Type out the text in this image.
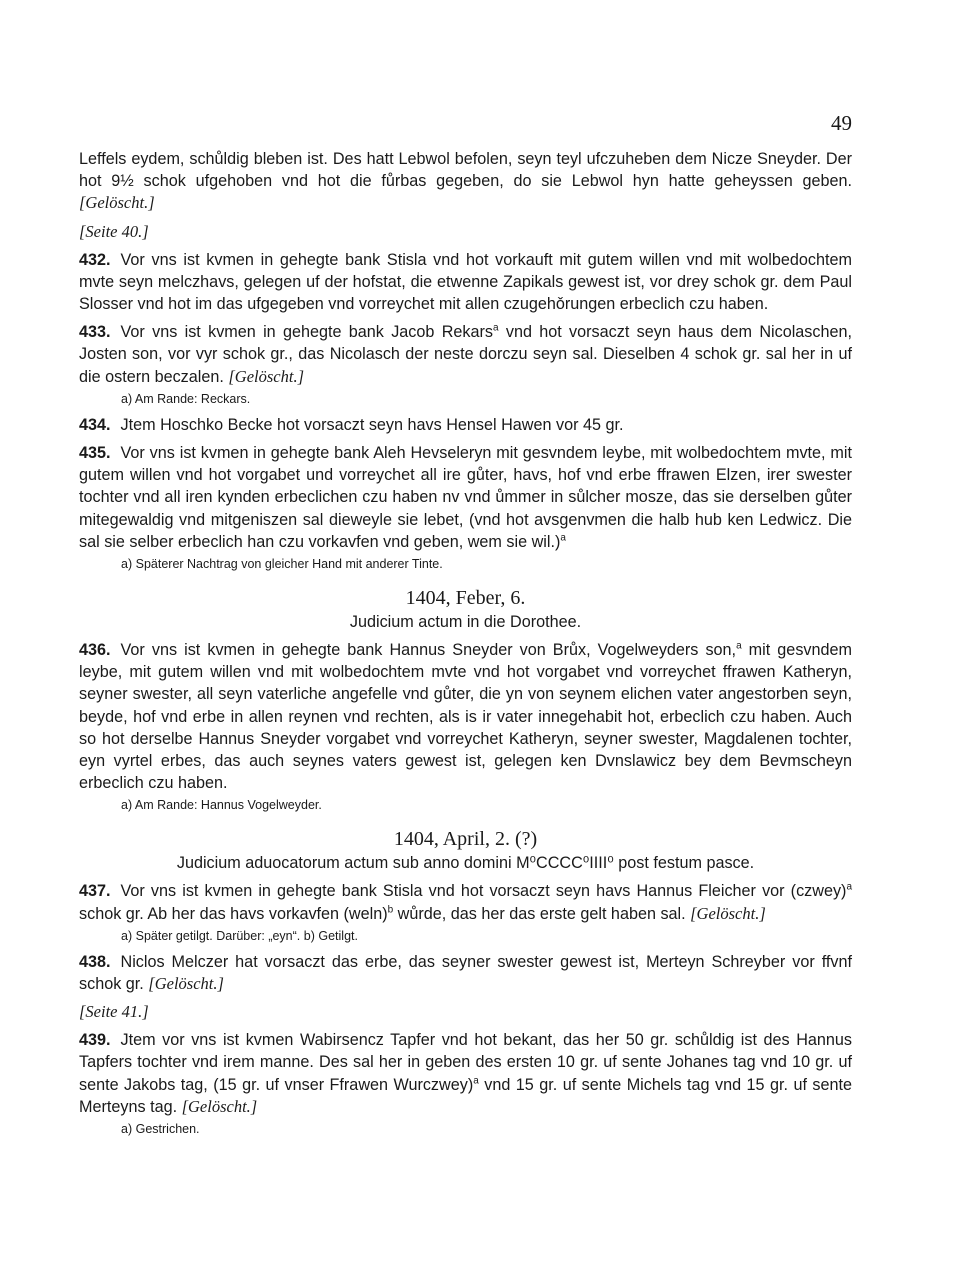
49

Leffels eydem, schůldig bleben ist. Des hatt Lebwol befolen, seyn teyl ufczuheben dem Nicze Sneyder. Der hot 9½ schok ufgehoben vnd hot die fůrbas gegeben, do sie Lebwol hyn hatte geheyssen geben. [Gelöscht.]

[Seite 40.]

432. Vor vns ist kvmen in gehegte bank Stisla vnd hot vorkauft mit gutem willen vnd mit wolbedochtem mvte seyn melczhavs, gelegen uf der hofstat, die etwenne Zapikals gewest ist, vor drey schok gr. dem Paul Slosser vnd hot im das ufgegeben vnd vorreychet mit allen czugehǒrungen erbeclich czu haben.

433. Vor vns ist kvmen in gehegte bank Jacob Rekars$^a$ vnd hot vorsaczt seyn haus dem Nicolaschen, Josten son, vor vyr schok gr., das Nicolasch der neste dorczu seyn sal. Dieselben 4 schok gr. sal her in uf die ostern beczalen. [Gelöscht.]

a) Am Rande: Reckars.

434. Jtem Hoschko Becke hot vorsaczt seyn havs Hensel Hawen vor 45 gr.

435. Vor vns ist kvmen in gehegte bank Aleh Hevseleryn mit gesvndem leybe, mit wolbedochtem mvte, mit gutem willen vnd hot vorgabet und vorreychet all ire gůter, havs, hof vnd erbe ffrawen Elzen, irer swester tochter vnd all iren kynden erbeclichen czu haben nv vnd ůmmer in sůlcher mosze, das sie derselben gůter mitegewaldig vnd mitgeniszen sal dieweyle sie lebet, (vnd hot avsgenvmen die halb hub ken Ledwicz. Die sal sie selber erbeclich han czu vorkavfen vnd geben, wem sie wil.)$^a$

a) Späterer Nachtrag von gleicher Hand mit anderer Tinte.
1404, Feber, 6.
Judicium actum in die Dorothee.

436. Vor vns ist kvmen in gehegte bank Hannus Sneyder von Brůx, Vogelweyders son,$^a$ mit gesvndem leybe, mit gutem willen vnd mit wolbedochtem mvte vnd hot vorgabet vnd vorreychet ffrawen Katheryn, seyner swester, all seyn vaterliche angefelle vnd gůter, die yn von seynem elichen vater angestorben seyn, beyde, hof vnd erbe in allen reynen vnd rechten, als is ir vater innegehabit hot, erbeclich czu haben. Auch so hot derselbe Hannus Sneyder vorgabet vnd vorreychet Katheryn, seyner swester, Magdalenen tochter, eyn vyrtel erbes, das auch seynes vaters gewest ist, gelegen ken Dvnslawicz bey dem Bevmscheyn erbeclich czu haben.

a) Am Rande: Hannus Vogelweyder.
1404, April, 2. (?)
Judicium aduocatorum actum sub anno domini M⁰CCCC⁰IIII⁰ post festum pasce.

437. Vor vns ist kvmen in gehegte bank Stisla vnd hot vorsaczt seyn havs Hannus Fleicher vor (czwey)$^a$ schok gr. Ab her das havs vorkavfen $(weln)^b$ wůrde, das her das erste gelt haben sal. [Gelöscht.]

a) Später getilgt. Darüber: „eyn“. b) Getilgt.

438. Niclos Melczer hat vorsaczt das erbe, das seyner swester gewest ist, Merteyn Schreyber vor ffvnf schok gr. [Gelöscht.]

[Seite 41.]

439. Jtem vor vns ist kvmen Wabirsencz Tapfer vnd hot bekant, das her 50 gr. schůldig ist des Hannus Tapfers tochter vnd irem manne. Des sal her in geben des ersten 10 gr. uf sente Johanes tag vnd 10 gr. uf sente Jakobs tag, (15 gr. uf vnser Ffrawen Wurczwey)$^a$ vnd 15 gr. uf sente Michels tag vnd 15 gr. uf sente Merteyns tag. [Gelöscht.]

a) Gestrichen.
